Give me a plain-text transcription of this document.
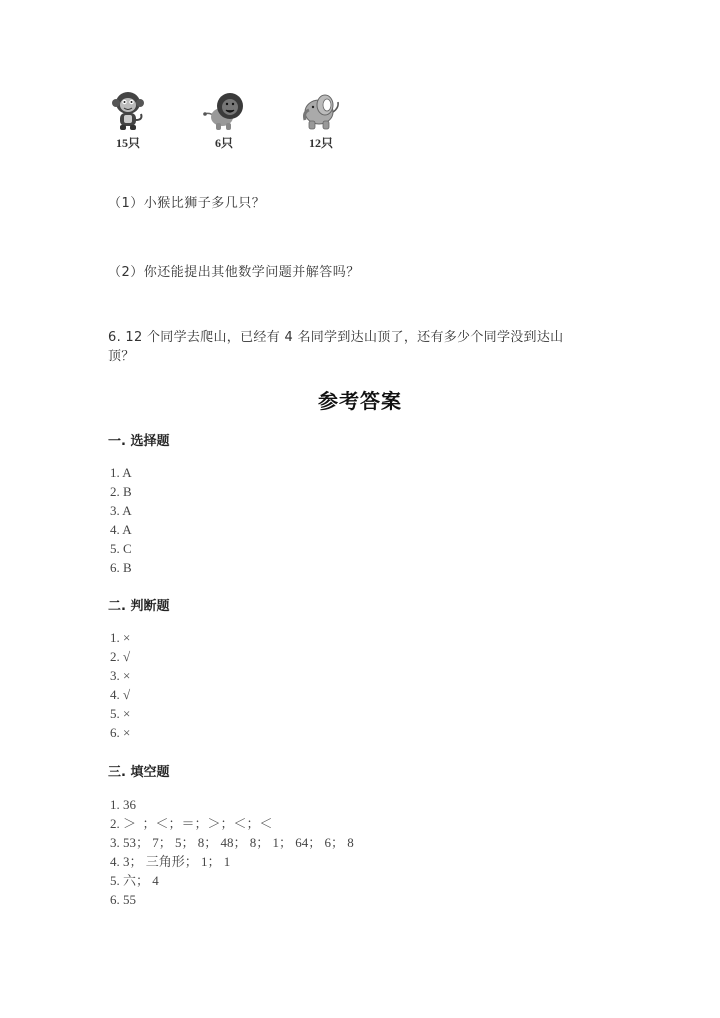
15只	6只	12只
（1）小猴比狮子多几只？
（2）你还能提出其他数学问题并解答吗？
6. 12 个同学去爬山，已经有 4 名同学到达山顶了，还有多少个同学没到达山
顶？
参考答案
一. 选择题
1. A
2. B
3. A
4. A
5. C
6. B
二. 判断题
1. ×
2. √
3. ×
4. √
5. ×
6. ×
三. 填空题
1. 36
2. ＞  ；＜；＝；＞；＜；＜
3. 53； 7； 5； 8； 48； 8； 1； 64； 6； 8
4. 3； 三角形； 1； 1
5. 六； 4
6. 55
